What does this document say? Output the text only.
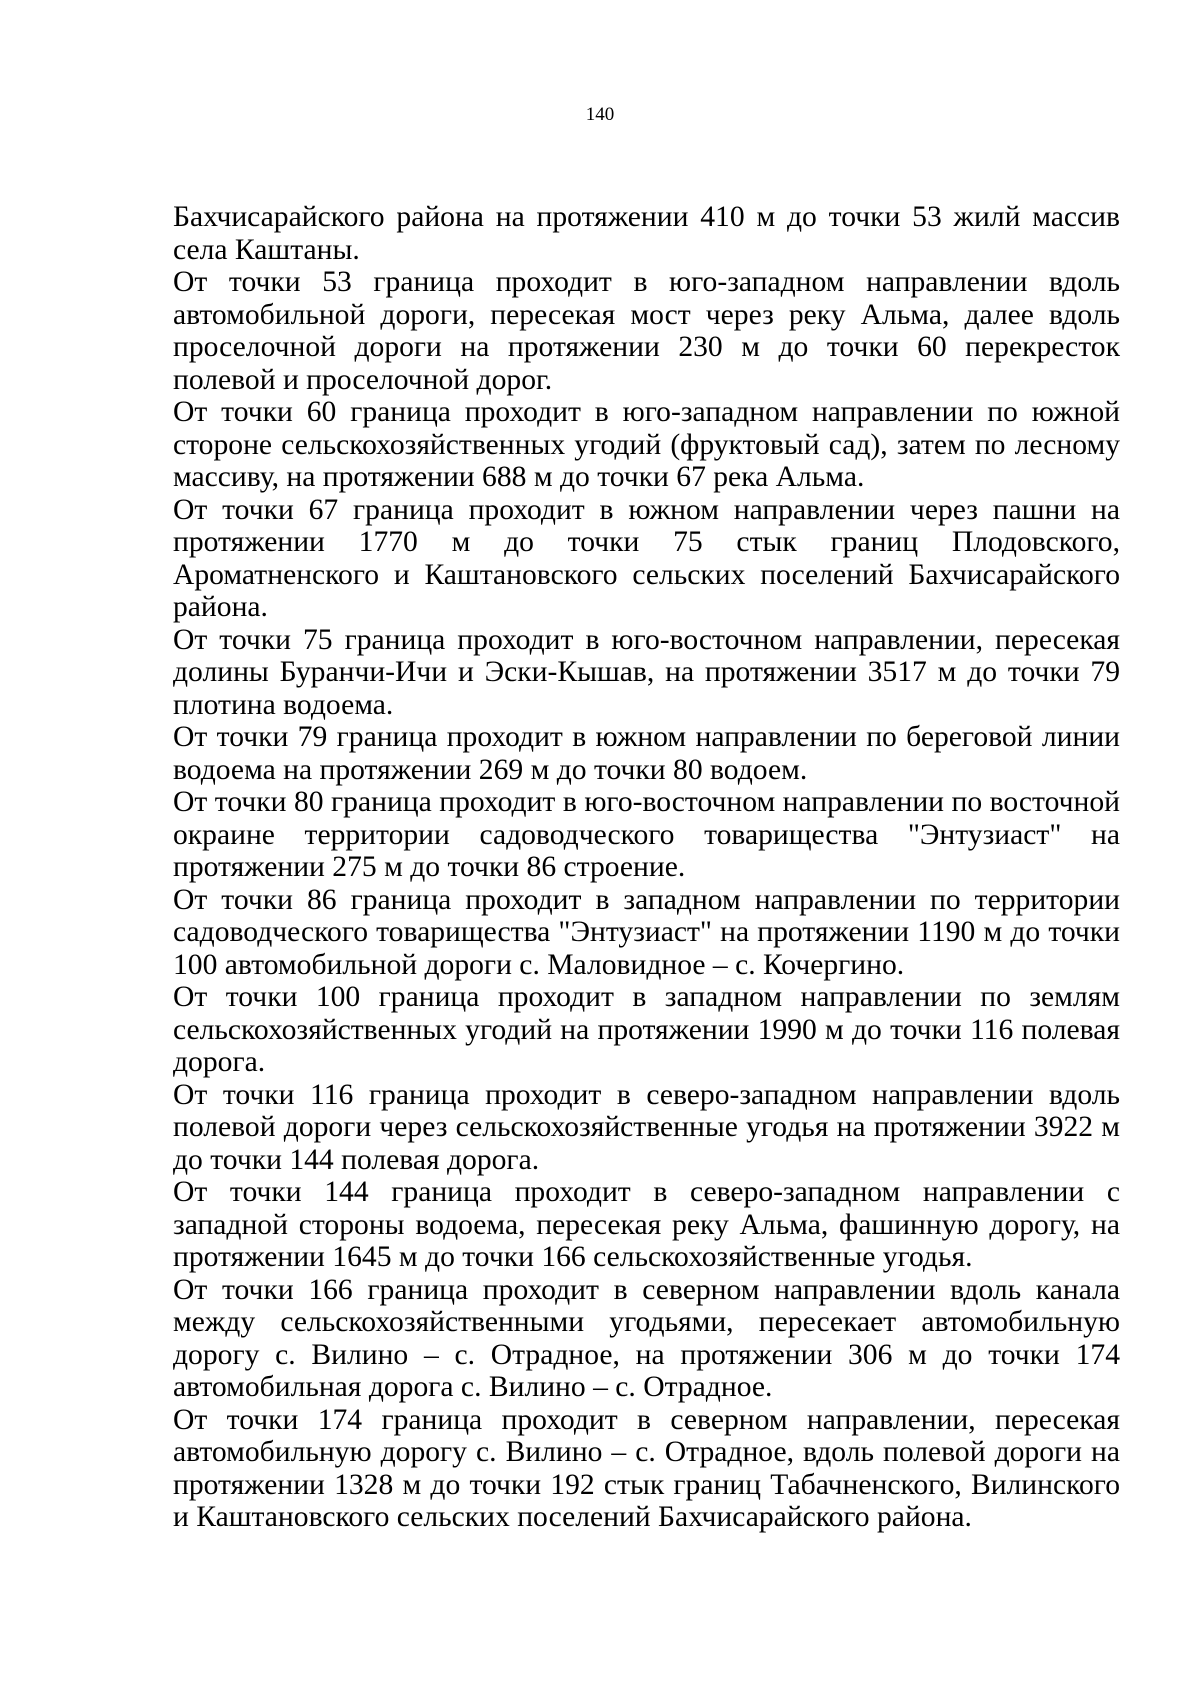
140

Бахчисарайского района на протяжении 410 м до точки 53 жилй массив села Каштаны.

От точки 53 граница проходит в юго-западном направлении вдоль автомобильной дороги, пересекая мост через реку Альма, далее вдоль проселочной дороги на протяжении 230 м до точки 60 перекресток полевой и проселочной дорог.

От точки 60 граница проходит в юго-западном направлении по южной стороне сельскохозяйственных угодий (фруктовый сад), затем по лесному массиву, на протяжении 688 м до точки 67 река Альма.

От точки 67 граница проходит в южном направлении через пашни на протяжении 1770 м до точки 75 стык границ Плодовского, Ароматненского и Каштановского сельских поселений Бахчисарайского района.

От точки 75 граница проходит в юго-восточном направлении, пересекая долины Буранчи-Ичи и Эски-Кышав, на протяжении 3517 м до точки 79 плотина водоема.

От точки 79 граница проходит в южном направлении по береговой линии водоема на протяжении 269 м до точки 80 водоем.

От точки 80 граница проходит в юго-восточном направлении по восточной окраине территории садоводческого товарищества "Энтузиаст" на протяжении 275 м до точки 86 строение.

От точки 86 граница проходит в западном направлении по территории садоводческого товарищества "Энтузиаст" на протяжении 1190 м до точки 100 автомобильной дороги с. Маловидное – с. Кочергино.

От точки 100 граница проходит в западном направлении по землям сельскохозяйственных угодий на протяжении 1990 м до точки 116 полевая дорога.

От точки 116 граница проходит в северо-западном направлении вдоль полевой дороги через сельскохозяйственные угодья на протяжении 3922 м до точки 144 полевая дорога.

От точки 144 граница проходит в северо-западном направлении с западной стороны водоема, пересекая реку Альма, фашинную дорогу, на протяжении 1645 м до точки 166 сельскохозяйственные угодья.

От точки 166 граница проходит в северном направлении вдоль канала между сельскохозяйственными угодьями, пересекает автомобильную дорогу с. Вилино – с. Отрадное, на протяжении 306 м до точки 174 автомобильная дорога с. Вилино – с. Отрадное.

От точки 174 граница проходит в северном направлении, пересекая автомобильную дорогу с. Вилино – с. Отрадное, вдоль полевой дороги на протяжении 1328 м до точки 192 стык границ Табачненского, Вилинского и Каштановского сельских поселений Бахчисарайского района.
